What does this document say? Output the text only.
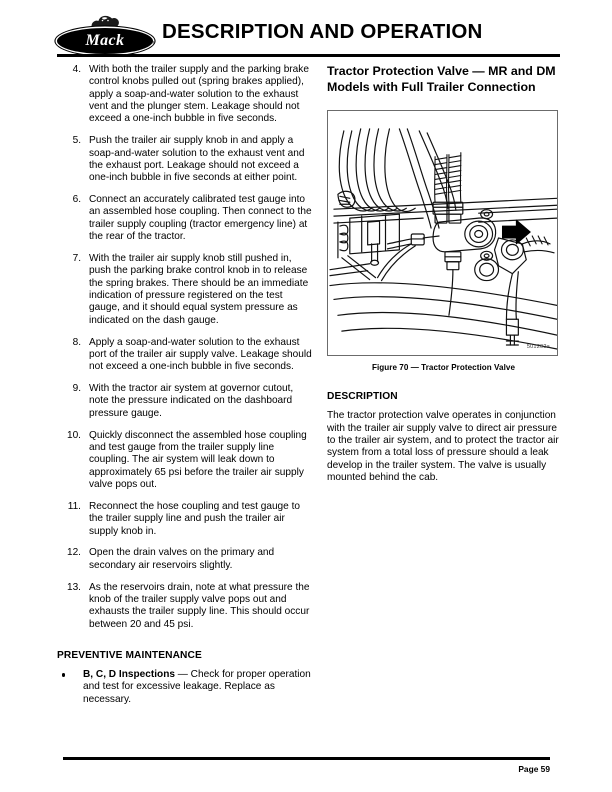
Mack	® DESCRIPTION AND OPERATION
4. With both the trailer supply and the parking brake control knobs pulled out (spring brakes applied), apply a soap-and-water solution to the exhaust vent and the plunger stem. Leakage should not exceed a one-inch bubble in five seconds.
5. Push the trailer air supply knob in and apply a soap-and-water solution to the exhaust vent and the exhaust port. Leakage should not exceed a one-inch bubble in five seconds at either point.
6. Connect an accurately calibrated test gauge into an assembled hose coupling. Then connect to the trailer supply coupling (tractor emergency line) at the rear of the tractor.
7. With the trailer air supply knob still pushed in, push the parking brake control knob in to release the spring brakes. There should be an immediate indication of pressure registered on the test gauge, and it should equal system pressure as indicated on the dash gauge.
8. Apply a soap-and-water solution to the exhaust port of the trailer air supply valve. Leakage should not exceed a one-inch bubble in five seconds.
9. With the tractor air system at governor cutout, note the pressure indicated on the dashboard pressure gauge.
10. Quickly disconnect the assembled hose coupling and test gauge from the trailer supply line coupling. The air system will leak down to approximately 65 psi before the trailer air supply valve pops out.
11. Reconnect the hose coupling and test gauge to the trailer supply line and push the trailer air supply knob in.
12. Open the drain valves on the primary and secondary air reservoirs slightly.
13. As the reservoirs drain, note at what pressure the knob of the trailer supply valve pops out and exhausts the trailer supply line. This should occur between 20 and 45 psi.
PREVENTIVE MAINTENANCE
B, C, D Inspections — Check for proper operation and test for excessive leakage. Replace as necessary.
Tractor Protection Valve — MR and DM Models with Full Trailer Connection
501202a
Figure 70 — Tractor Protection Valve
DESCRIPTION

The tractor protection valve operates in conjunction with the trailer air supply valve to direct air pressure to the trailer air system, and to protect the tractor air system from a total loss of pressure should a leak develop in the trailer system. The valve is usually mounted behind the cab.

Page 59
